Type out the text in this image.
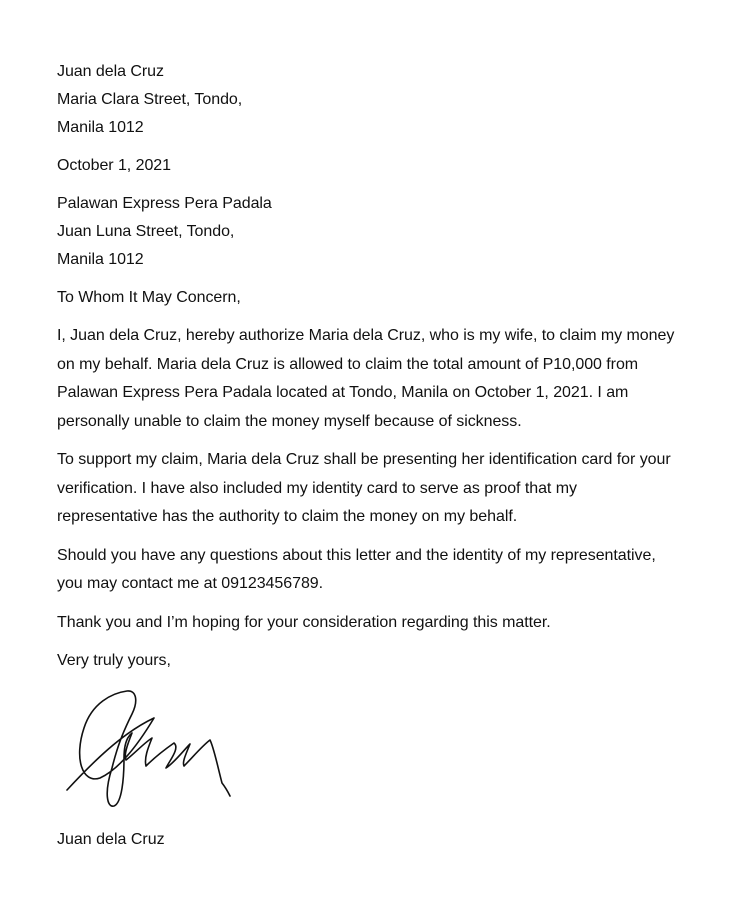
Juan dela Cruz
Maria Clara Street, Tondo,
Manila 1012
October 1, 2021
Palawan Express Pera Padala
Juan Luna Street, Tondo,
Manila 1012
To Whom It May Concern,
I, Juan dela Cruz, hereby authorize Maria dela Cruz, who is my wife, to claim my money
on my behalf. Maria dela Cruz is allowed to claim the total amount of P10,000 from
Palawan Express Pera Padala located at Tondo, Manila on October 1, 2021. I am
personally unable to claim the money myself because of sickness.
To support my claim, Maria dela Cruz shall be presenting her identification card for your
verification. I have also included my identity card to serve as proof that my
representative has the authority to claim the money on my behalf.
Should you have any questions about this letter and the identity of my representative,
you may contact me at 09123456789.
Thank you and I’m hoping for your consideration regarding this matter.
Very truly yours,
Juan dela Cruz
